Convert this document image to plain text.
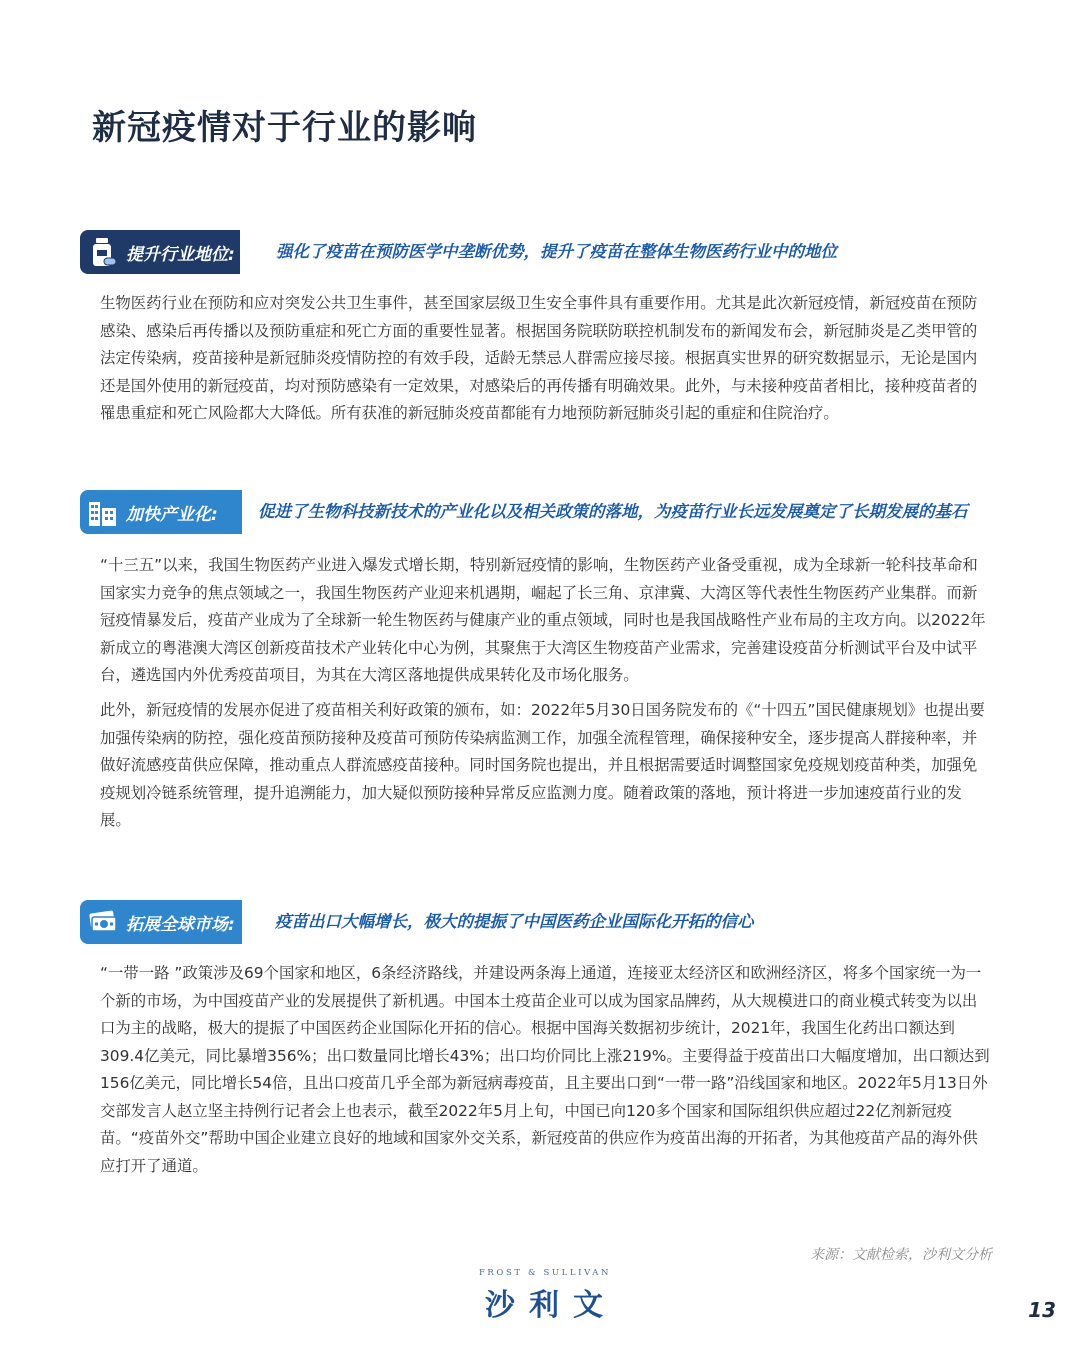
新冠疫情对于行业的影响
提升行业地位: 强化了疫苗在预防医学中垄断优势，提升了疫苗在整体生物医药行业中的地位

生物医药行业在预防和应对突发公共卫生事件，甚至国家层级卫生安全事件具有重要作用。尤其是此次新冠疫情，新冠疫苗在预防感染、感染后再传播以及预防重症和死亡方面的重要性显著。根据国务院联防联控机制发布的新闻发布会，新冠肺炎是乙类甲管的法定传染病，疫苗接种是新冠肺炎疫情防控的有效手段，适龄无禁忌人群需应接尽接。根据真实世界的研究数据显示，无论是国内还是国外使用的新冠疫苗，均对预防感染有一定效果，对感染后的再传播有明确效果。此外，与未接种疫苗者相比，接种疫苗者的罹患重症和死亡风险都大大降低。所有获准的新冠肺炎疫苗都能有力地预防新冠肺炎引起的重症和住院治疗。

加快产业化: 促进了生物科技新技术的产业化以及相关政策的落地，为疫苗行业长远发展奠定了长期发展的基石

“十三五”以来，我国生物医药产业进入爆发式增长期，特别新冠疫情的影响，生物医药产业备受重视，成为全球新一轮科技革命和国家实力竞争的焦点领域之一，我国生物医药产业迎来机遇期，崛起了长三角、京津冀、大湾区等代表性生物医药产业集群。而新冠疫情暴发后，疫苗产业成为了全球新一轮生物医药与健康产业的重点领域，同时也是我国战略性产业布局的主攻方向。以2022年新成立的粤港澳大湾区创新疫苗技术产业转化中心为例，其聚焦于大湾区生物疫苗产业需求，完善建设疫苗分析测试平台及中试平台，遴选国内外优秀疫苗项目，为其在大湾区落地提供成果转化及市场化服务。

此外，新冠疫情的发展亦促进了疫苗相关利好政策的颁布，如：2022年5月30日国务院发布的《“十四五”国民健康规划》也提出要加强传染病的防控，强化疫苗预防接种及疫苗可预防传染病监测工作，加强全流程管理，确保接种安全，逐步提高人群接种率，并做好流感疫苗供应保障，推动重点人群流感疫苗接种。同时国务院也提出，并且根据需要适时调整国家免疫规划疫苗种类，加强免疫规划冷链系统管理，提升追溯能力，加大疑似预防接种异常反应监测力度。随着政策的落地，预计将进一步加速疫苗行业的发展。

拓展全球市场: 疫苗出口大幅增长，极大的提振了中国医药企业国际化开拓的信心

“一带一路 ”政策涉及69个国家和地区，6条经济路线，并建设两条海上通道，连接亚太经济区和欧洲经济区，将多个国家统一为一个新的市场，为中国疫苗产业的发展提供了新机遇。中国本土疫苗企业可以成为国家品牌药，从大规模进口的商业模式转变为以出口为主的战略，极大的提振了中国医药企业国际化开拓的信心。根据中国海关数据初步统计，2021年，我国生化药出口额达到309.4亿美元，同比暴增356%；出口数量同比增长43%；出口均价同比上涨219%。主要得益于疫苗出口大幅度增加，出口额达到156亿美元，同比增长54倍，且出口疫苗几乎全部为新冠病毒疫苗，且主要出口到“一带一路”沿线国家和地区。2022年5月13日外交部发言人赵立坚主持例行记者会上也表示，截至2022年5月上旬，中国已向120多个国家和国际组织供应超过22亿剂新冠疫苗。“疫苗外交”帮助中国企业建立良好的地域和国家外交关系，新冠疫苗的供应作为疫苗出海的开拓者，为其他疫苗产品的海外供应打开了通道。

来源：文献检索，沙利文分析
FROST & SULLIVAN
沙利文	13
